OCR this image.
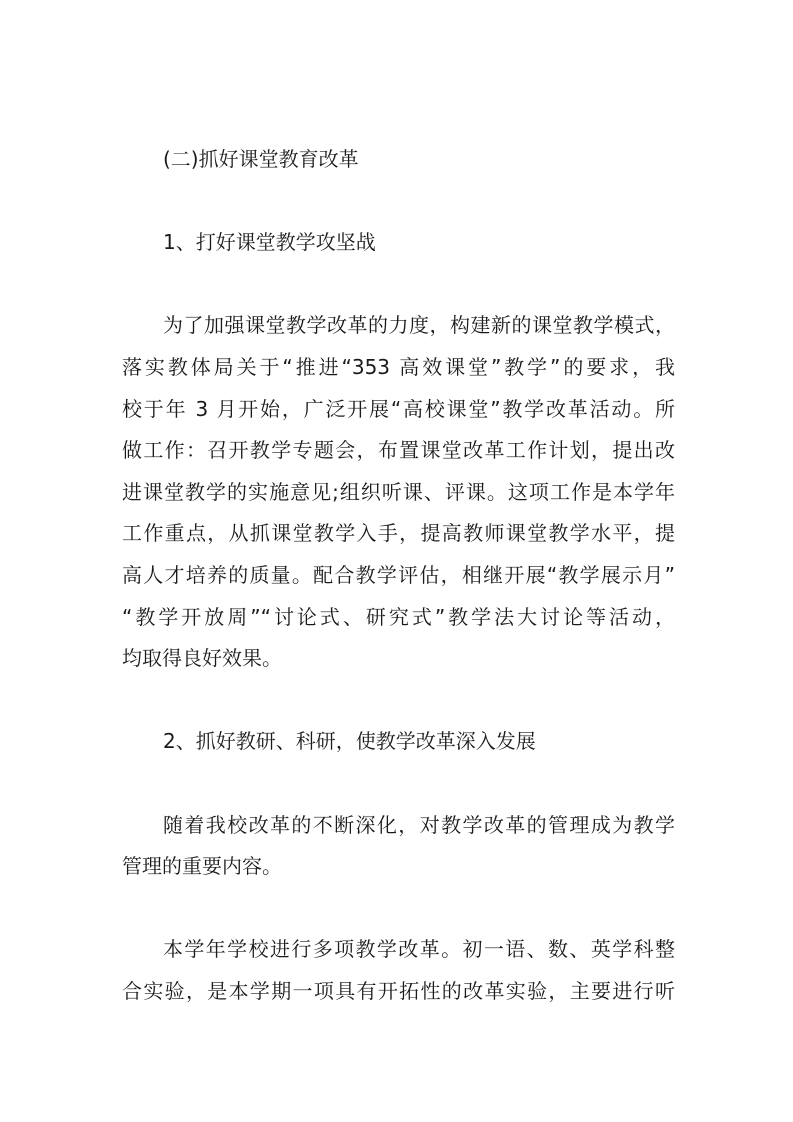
(二)抓好课堂教育改革
1、打好课堂教学攻坚战
为了加强课堂教学改革的力度，构建新的课堂教学模式，
落实教体局关于“推进“353 高效课堂”教学”的要求，我
校于年 3 月开始，广泛开展“高校课堂”教学改革活动。所
做工作：召开教学专题会，布置课堂改革工作计划，提出改
进课堂教学的实施意见;组织听课、评课。这项工作是本学年
工作重点，从抓课堂教学入手，提高教师课堂教学水平，提
高人才培养的质量。配合教学评估，相继开展“教学展示月”
“教学开放周”“讨论式、研究式”教学法大讨论等活动，
均取得良好效果。
2、抓好教研、科研，使教学改革深入发展
随着我校改革的不断深化，对教学改革的管理成为教学
管理的重要内容。
本学年学校进行多项教学改革。初一语、数、英学科整
合实验，是本学期一项具有开拓性的改革实验，主要进行听
